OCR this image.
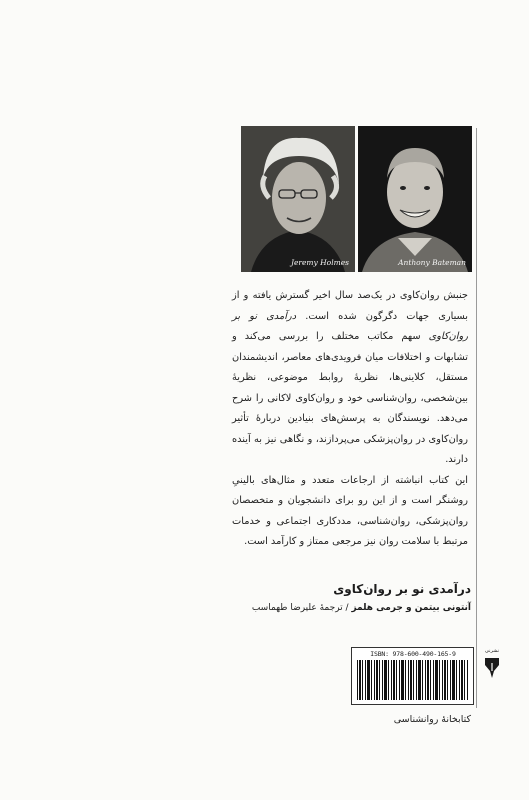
Jeremy Holmes	Anthony Bateman

جنبش روان‌کاوی در یک‌صد سال اخیر گسترش یافته و از بسیاری جهات دگرگون شده است. درآمدی نو بر روان‌کاوی سهم مکاتب مختلف را بررسی می‌کند و تشابهات و اختلافات میان فرویدی‌های معاصر، اندیشمندان مستقل، کلاینی‌ها، نظریهٔ روابط موضوعی، نظریهٔ بین‌شخصی، روان‌شناسی خود و روان‌کاوی لاکانی را شرح می‌دهد. نویسندگان به پرسش‌های بنیادین دربارهٔ تأثیر روان‌کاوی در روان‌پزشکی می‌پردازند، و نگاهی نیز به آینده دارند.

این کتاب انباشته از ارجاعات متعدد و مثال‌های بالینیِ روشنگر است و از این رو برای دانشجویان و متخصصان روان‌پزشکی، روان‌شناسی، مددکاری اجتماعی و خدمات مرتبط با سلامت روان نیز مرجعی ممتاز و کارآمد است.

درآمدی نو بر روان‌کاوی
آنتونی بیتمن و جرمی هلمز / ترجمهٔ علیرضا طهماسب
ISBN: 978-600-490-165-9	نشرنی
کتابخانهٔ روانشناسی
